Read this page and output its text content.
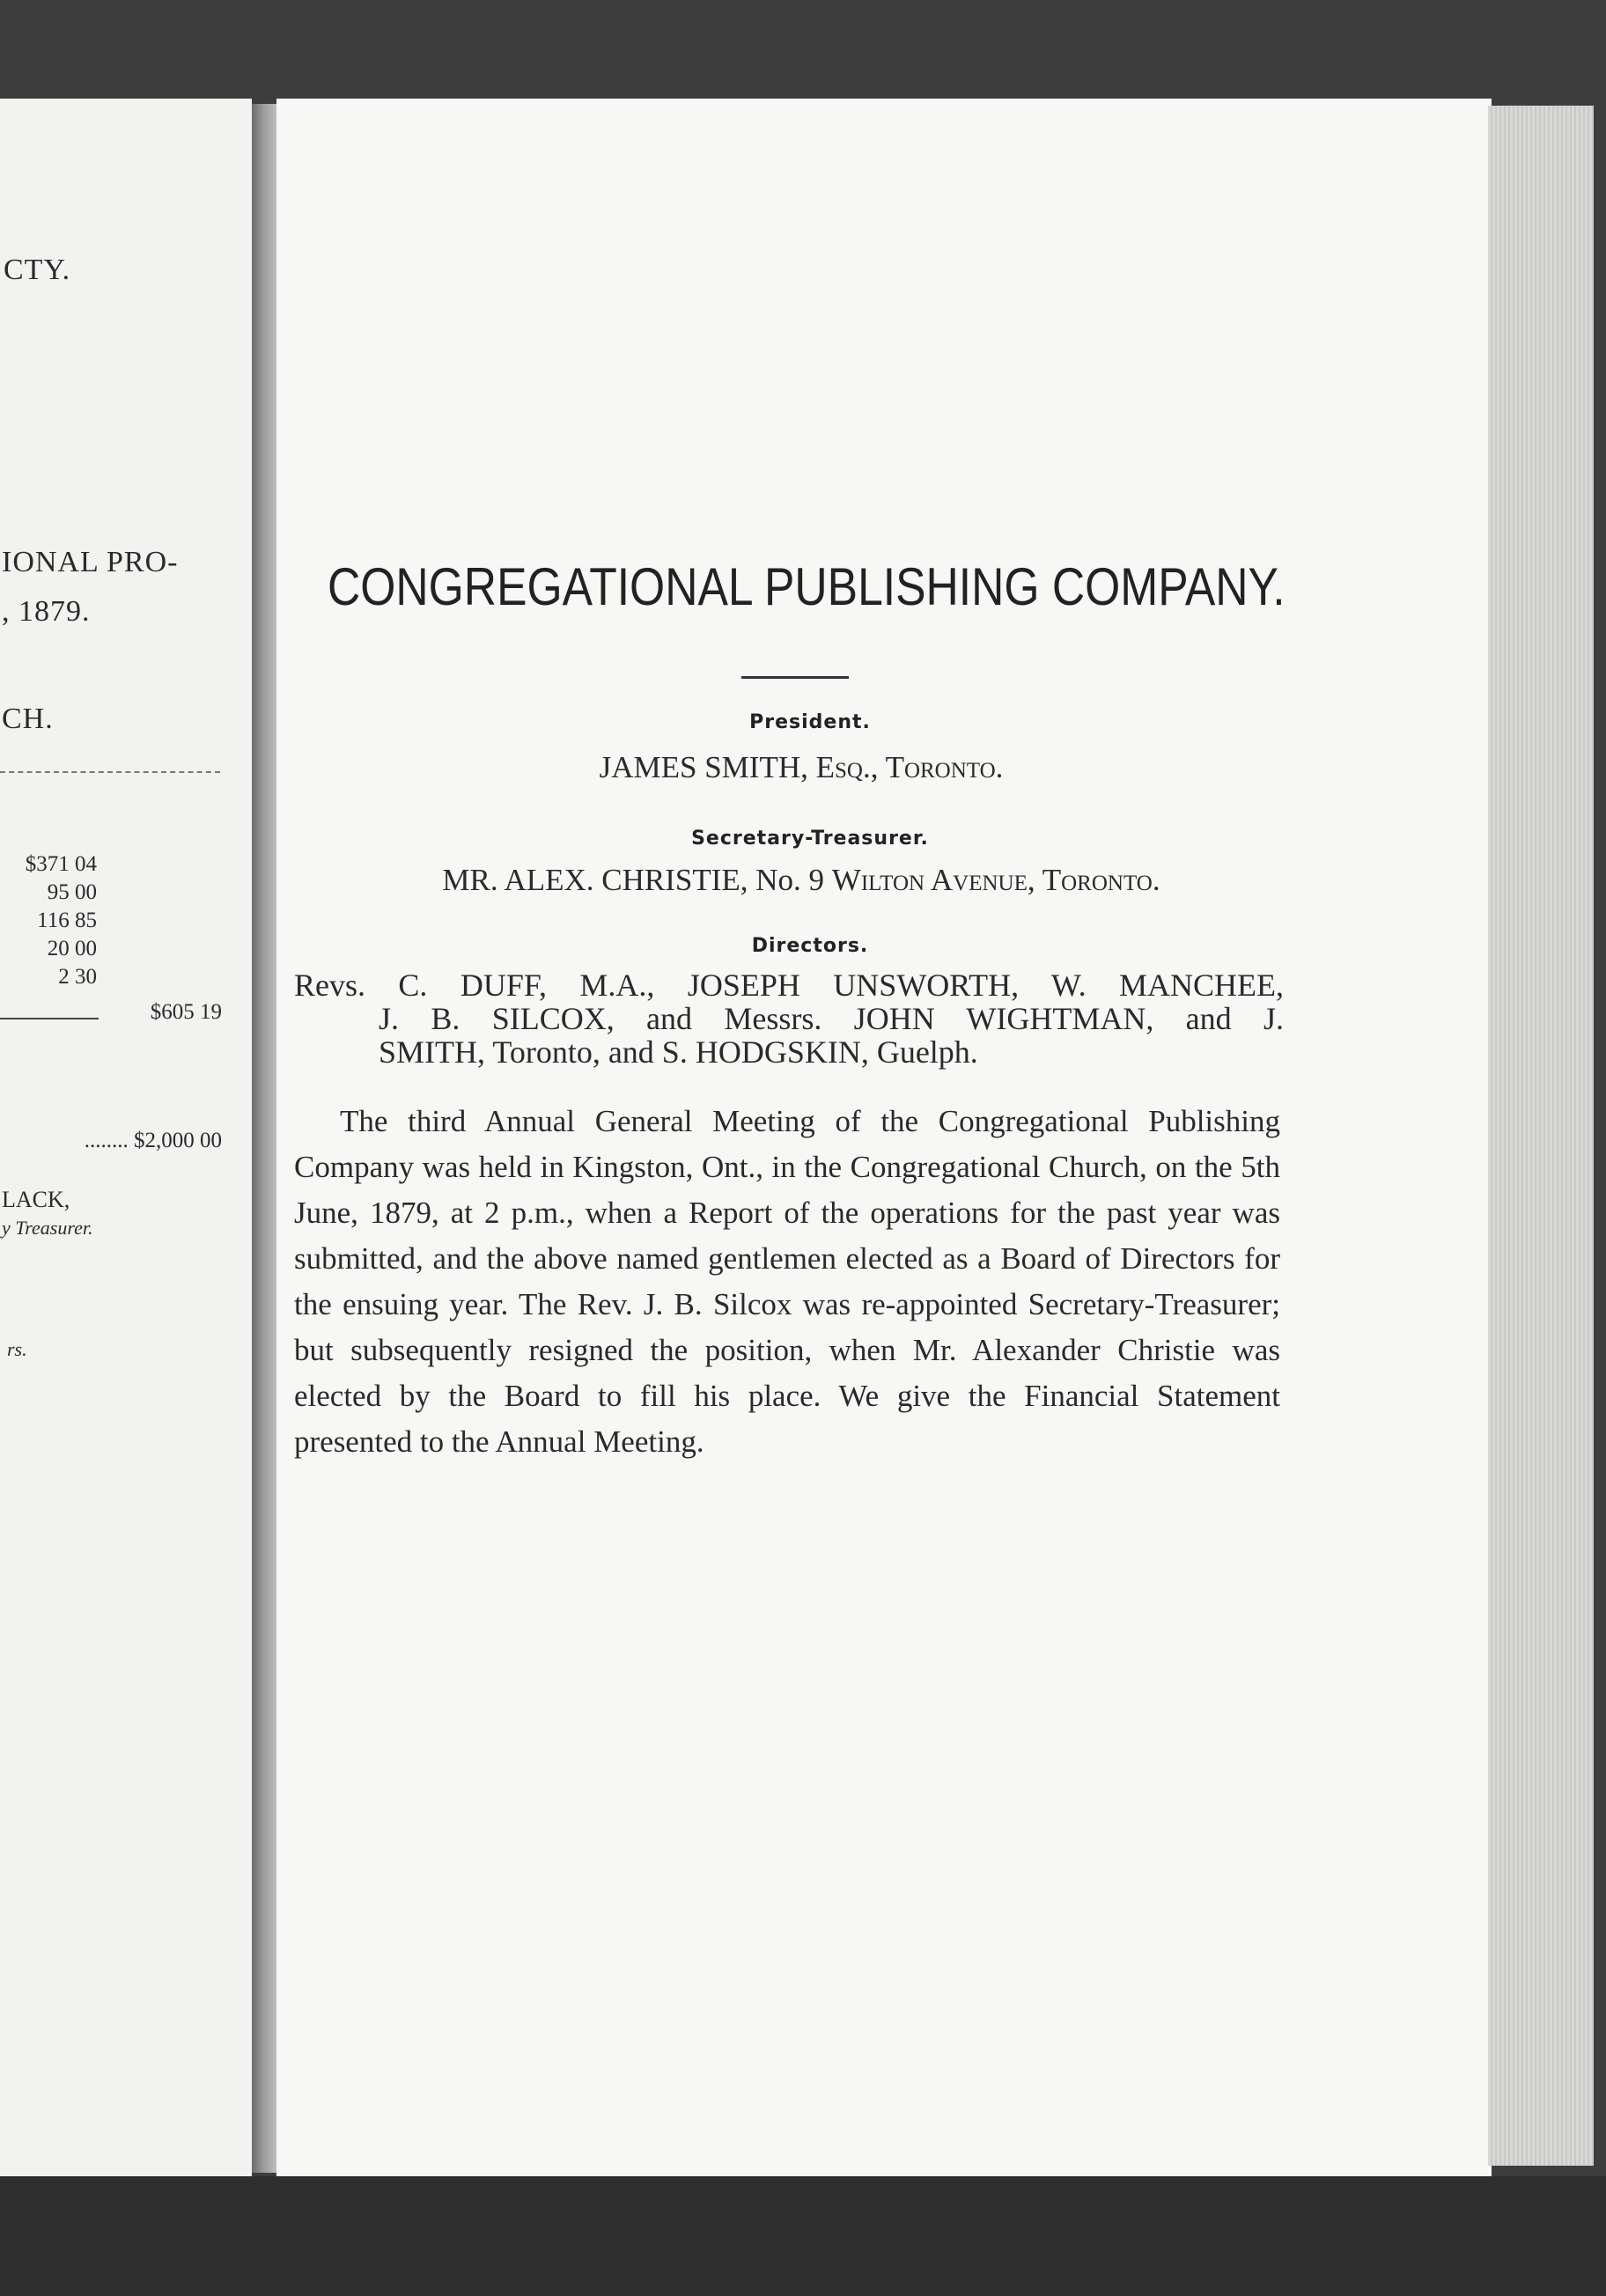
CTY.
IONAL PRO-
, 1879.
CH.
$371 04
95 00
116 85
20 00
2 30
$605 19
........ $2,000 00
LACK,
y Treasurer.
rs.
CONGREGATIONAL PUBLISHING COMPANY.
President.
JAMES SMITH, Esq., Toronto.
Secretary-Treasurer.
MR. ALEX. CHRISTIE, No. 9 Wilton Avenue, Toronto.
Directors.
Revs. C. DUFF, M.A., JOSEPH UNSWORTH, W. MANCHEE,
J. B. SILCOX, and Messrs. JOHN WIGHTMAN, and J.
SMITH, Toronto, and S. HODGSKIN, Guelph.
The third Annual General Meeting of the Congregational Publishing Company was held in Kingston, Ont., in the Congregational Church, on the 5th June, 1879, at 2 p.m., when a Report of the operations for the past year was submitted, and the above named gentlemen elected as a Board of Directors for the ensuing year. The Rev. J. B. Silcox was re-appointed Secretary-Treasurer; but subsequently resigned the position, when Mr. Alexander Christie was elected by the Board to fill his place. We give the Financial Statement presented to the Annual Meeting.
